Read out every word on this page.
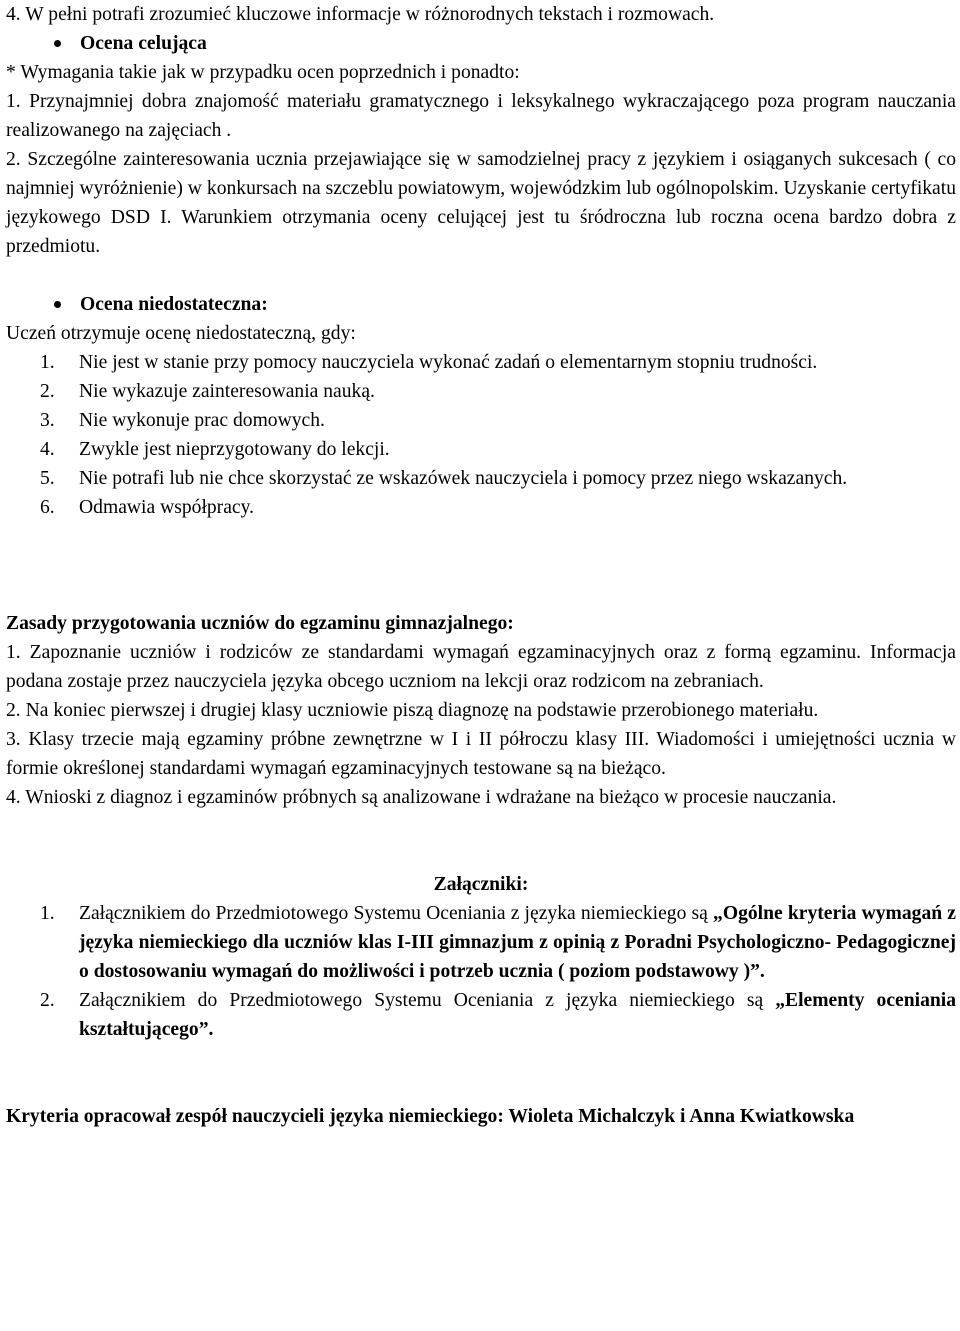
4. W pełni potrafi zrozumieć kluczowe informacje w różnorodnych tekstach i rozmowach.

Ocena celująca

* Wymagania takie jak w przypadku ocen poprzednich i ponadto:

1. Przynajmniej dobra znajomość materiału gramatycznego i leksykalnego wykraczającego poza program nauczania realizowanego na zajęciach .

2. Szczególne zainteresowania ucznia przejawiające się w samodzielnej pracy z językiem i osiąganych sukcesach ( co najmniej wyróżnienie) w konkursach na szczeblu powiatowym, wojewódzkim lub ogólnopolskim. Uzyskanie certyfikatu językowego DSD I. Warunkiem otrzymania oceny celującej jest tu śródroczna lub roczna ocena bardzo dobra z przedmiotu.

Ocena niedostateczna:

Uczeń otrzymuje ocenę niedostateczną, gdy:

1. Nie jest w stanie przy pomocy nauczyciela wykonać zadań o elementarnym stopniu trudności.
2. Nie wykazuje zainteresowania nauką.
3. Nie wykonuje prac domowych.
4. Zwykle jest nieprzygotowany do lekcji.
5. Nie potrafi lub nie chce skorzystać ze wskazówek nauczyciela i pomocy przez niego wskazanych.
6. Odmawia współpracy.

Zasady przygotowania uczniów do egzaminu gimnazjalnego:

1. Zapoznanie uczniów i rodziców ze standardami wymagań egzaminacyjnych oraz z formą egzaminu. Informacja podana zostaje przez nauczyciela języka obcego uczniom na lekcji oraz rodzicom na zebraniach.

2. Na koniec pierwszej i drugiej klasy uczniowie piszą diagnozę na podstawie przerobionego materiału.

3. Klasy trzecie mają egzaminy próbne zewnętrzne w I i II półroczu klasy III. Wiadomości i umiejętności ucznia w formie określonej standardami wymagań egzaminacyjnych testowane są na bieżąco.

4. Wnioski z diagnoz i egzaminów próbnych są analizowane i wdrażane na bieżąco w procesie nauczania.

Załączniki:

1. Załącznikiem do Przedmiotowego Systemu Oceniania z języka niemieckiego są „Ogólne kryteria wymagań z języka niemieckiego dla uczniów klas I-III gimnazjum z opinią z Poradni Psychologiczno- Pedagogicznej o dostosowaniu wymagań do możliwości i potrzeb ucznia ( poziom podstawowy )”.
2. Załącznikiem do Przedmiotowego Systemu Oceniania z języka niemieckiego są „Elementy oceniania kształtującego”.

Kryteria opracował zespół nauczycieli języka niemieckiego: Wioleta Michalczyk i Anna Kwiatkowska
